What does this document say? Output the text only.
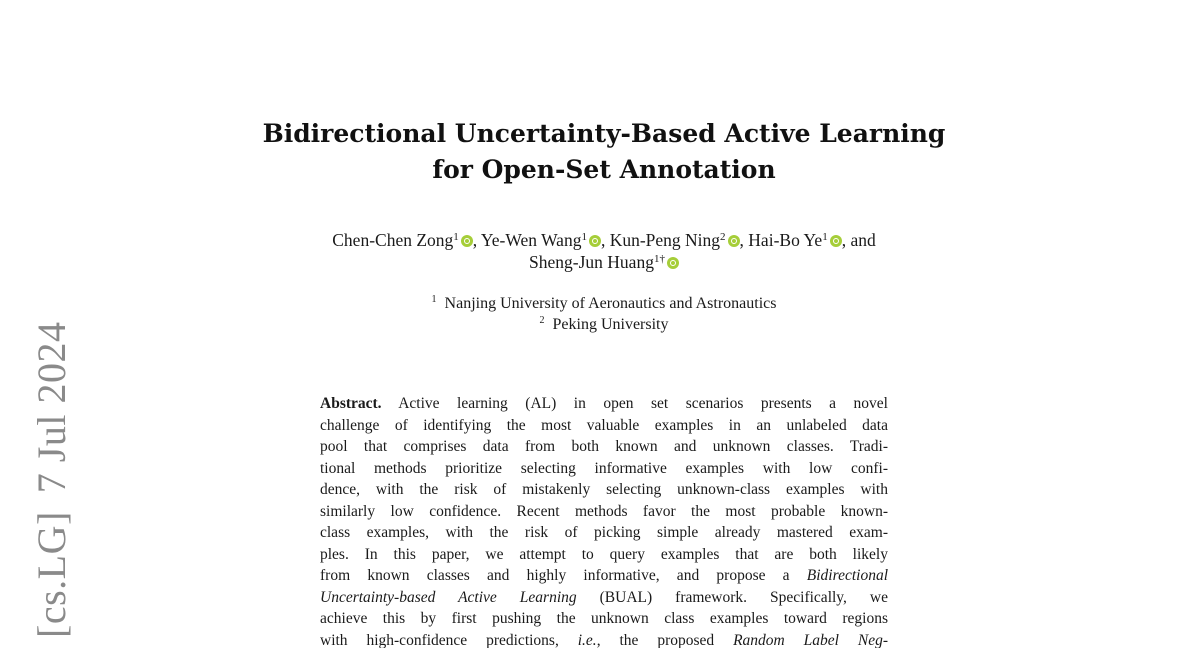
[cs.LG]7 Jul 2024
Bidirectional Uncertainty-Based Active Learning
for Open-Set Annotation
Chen-Chen Zong$^1$ , Ye-Wen Wang$^1$ , Kun-Peng Ning$^2$ , Hai-Bo Ye$^1$ , and
Sheng-Jun Huang$^{1\dagger}$
$^1$ Nanjing University of Aeronautics and Astronautics
$^2$ Peking University
Abstract. Active learning (AL) in open set scenarios presents a novel
challenge of identifying the most valuable examples in an unlabeled data
pool that comprises data from both known and unknown classes. Tradi-
tional methods prioritize selecting informative examples with low confi-
dence, with the risk of mistakenly selecting unknown-class examples with
similarly low confidence. Recent methods favor the most probable known-
class examples, with the risk of picking simple already mastered exam-
ples. In this paper, we attempt to query examples that are both likely
from known classes and highly informative, and propose a Bidirectional
Uncertainty-based Active Learning (BUAL) framework. Specifically, we
achieve this by first pushing the unknown class examples toward regions
with high-confidence predictions, i.e., the proposed Random Label Neg-
